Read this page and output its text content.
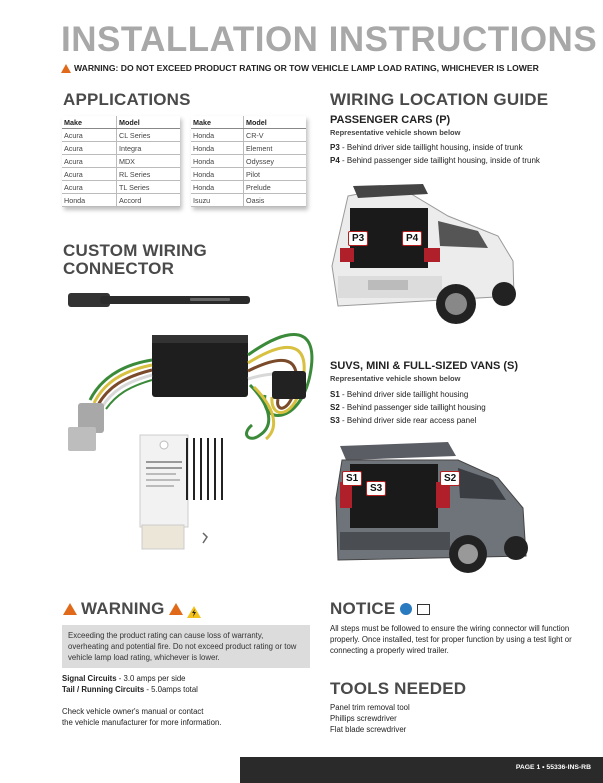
INSTALLATION INSTRUCTIONS
WARNING: DO NOT EXCEED PRODUCT RATING OR TOW VEHICLE LAMP LOAD RATING, WHICHEVER IS LOWER
APPLICATIONS
Make	Model
Acura	CL Series
Acura	Integra
Acura	MDX
Acura	RL Series
Acura	TL Series
Honda	Accord
Make	Model
Honda	CR-V
Honda	Element
Honda	Odyssey
Honda	Pilot
Honda	Prelude
Isuzu	Oasis
CUSTOM WIRING
CONNECTOR
WIRING LOCATION GUIDE
PASSENGER CARS (P)
Representative vehicle shown below
P3 - Behind driver side taillight housing, inside of trunk
P4 - Behind passenger side taillight housing, inside of trunk
P3	P4
SUVS, MINI & FULL-SIZED VANS (S)
Representative vehicle shown below
S1 - Behind driver side taillight housing
S2 - Behind passenger side taillight housing
S3 - Behind driver side rear access panel
S1
S3
S2
WARNING
Exceeding the product rating can cause loss of warranty, overheating and potential fire. Do not exceed product rating or tow vehicle lamp load rating, whichever is lower.
Signal Circuits - 3.0 amps per side
Tail / Running Circuits - 5.0amps total
Check vehicle owner's manual or contact
the vehicle manufacturer for more information.
NOTICE
All steps must be followed to ensure the wiring connector will function properly. Once installed, test for proper function by using a test light or connecting a properly wired trailer.
TOOLS NEEDED
Panel trim removal tool
Phillips screwdriver
Flat blade screwdriver
PAGE 1 • 55336-INS-RB
